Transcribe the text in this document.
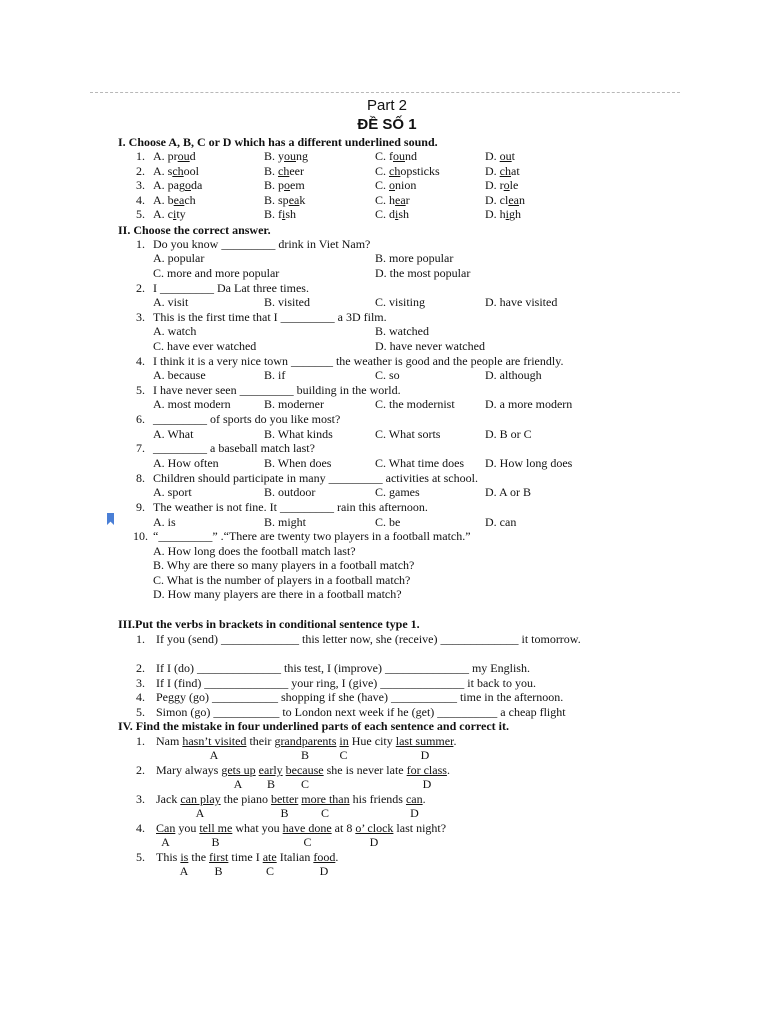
Part 2
ĐỀ SỐ 1
I. Choose A, B, C or D which has a different underlined sound.
1. A. proud	B. young	C. found	D. out
2. A. school	B. cheer	C. chopsticks	D. chat
3. A. pagoda	B. poem	C. onion	D. role
4. A. beach	B. speak	C. hear	D. clean
5. A. city	B. fish	C. dish	D. high
II. Choose the correct answer.
1. Do you know _________ drink in Viet Nam?
A. popular	B. more popular
C. more and more popular	D. the most popular
2. I _________ Da Lat three times.
A. visit	B. visited	C. visiting	D. have visited
3. This is the first time that I _________ a 3D film.
A. watch	B. watched
C. have ever watched	D. have never watched
4. I think it is a very nice town _______ the weather is good and the people are friendly.
A. because	B. if	C. so	D. although
5. I have never seen _________ building in the world.
A. most modern	B. moderner	C. the modernist	D. a more modern
6. _________ of sports do you like most?
A. What	B. What kinds	C. What sorts	D. B or C
7. _________ a baseball match last?
A. How often	B. When does	C. What time does D. How long does
8. Children should participate in many _________ activities at school.
A. sport	B. outdoor	C. games	D. A or B
9. The weather is not fine. It _________ rain this afternoon.
A. is	B. might	C. be	D. can
10. “_________” .“There are twenty two players in a football match.”
A. How long does the football match last?
B. Why are there so many players in a football match?
C. What is the number of players in a football match?
D. How many players are there in a football match?
III.Put the verbs in brackets in conditional sentence type 1.
1. If you (send) _____________ this letter now, she (receive) _____________ it tomorrow.
2. If I (do) ______________ this test, I (improve) ______________ my English.
3. If I (find) ______________ your ring, I (give) ______________ it back to you.
4. Peggy (go) ___________ shopping if she (have) ___________ time in the afternoon.
5. Simon (go) ___________ to London next week if he (get) __________ a cheap flight
IV. Find the mistake in four underlined parts of each sentence and correct it.
1. Nam hasn’t visited their grandparents in Hue city last summer.
A	B	C	D
2. Mary always gets up early because she is never late for class.
A B C	D
3. Jack can play the piano better more than his friends can.
A	B	C	D
4. Can you tell me what you have done at 8 o’ clock last night?
A	B	C	D
5. This is the first time I ate Italian food.
A B	C	D
